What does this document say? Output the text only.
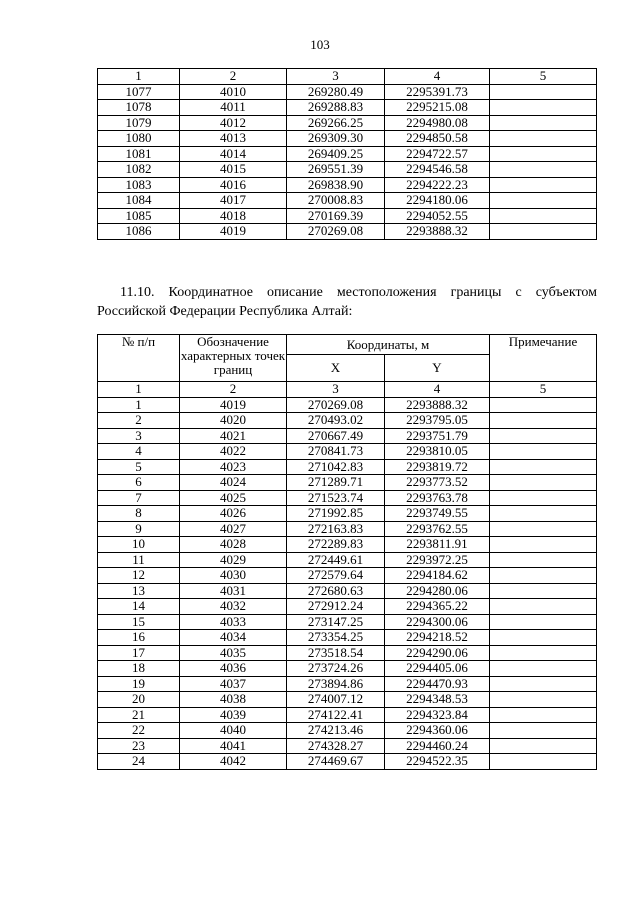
103
1	2	3	4	5
1077	4010	269280.49	2295391.73	
1078	4011	269288.83	2295215.08	
1079	4012	269266.25	2294980.08	
1080	4013	269309.30	2294850.58	
1081	4014	269409.25	2294722.57	
1082	4015	269551.39	2294546.58	
1083	4016	269838.90	2294222.23	
1084	4017	270008.83	2294180.06	
1085	4018	270169.39	2294052.55	
1086	4019	270269.08	2293888.32	
11.10. Координатное описание местоположения границы с субъектом Российской Федерации Республика Алтай:
№ п/п	Обозначение характерных точек границ	Координаты, м		Примечание
		X	Y	
1	2	3	4	5
1	4019	270269.08	2293888.32	
2	4020	270493.02	2293795.05	
3	4021	270667.49	2293751.79	
4	4022	270841.73	2293810.05	
5	4023	271042.83	2293819.72	
6	4024	271289.71	2293773.52	
7	4025	271523.74	2293763.78	
8	4026	271992.85	2293749.55	
9	4027	272163.83	2293762.55	
10	4028	272289.83	2293811.91	
11	4029	272449.61	2293972.25	
12	4030	272579.64	2294184.62	
13	4031	272680.63	2294280.06	
14	4032	272912.24	2294365.22	
15	4033	273147.25	2294300.06	
16	4034	273354.25	2294218.52	
17	4035	273518.54	2294290.06	
18	4036	273724.26	2294405.06	
19	4037	273894.86	2294470.93	
20	4038	274007.12	2294348.53	
21	4039	274122.41	2294323.84	
22	4040	274213.46	2294360.06	
23	4041	274328.27	2294460.24	
24	4042	274469.67	2294522.35	
